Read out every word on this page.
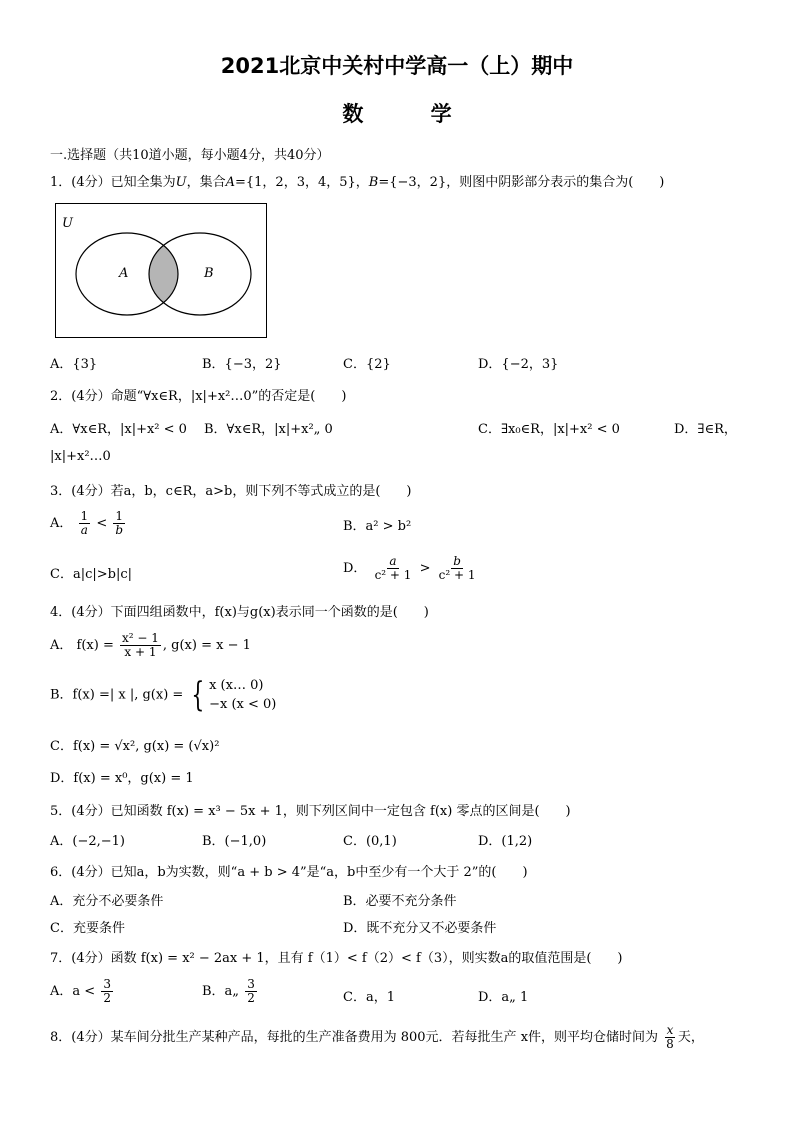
2021北京中关村中学高一（上）期中
数 学
一.选择题（共10道小题，每小题4分，共40分）
1．(4分）已知全集为U，集合A={1，2，3，4，5}，B={−3，2}，则图中阴影部分表示的集合为(　　)
U
A	B
A．{3}	B．{−3，2}	C．{2}	D．{−2，3}
2．(4分）命题“∀x∈R，|x|+x²…0”的否定是(　　)
A．∀x∈R，|x|+x² < 0 B．∀x∈R，|x|+x²„ 0	C．∃x₀∈R，|x|+x² < 0	D．∃∈R，
|x|+x²…0
3．(4分）若a，b，c∈R，a>b，则下列不等式成立的是(　　)
A． $\frac{1}{a} < \frac{1}{b}$	B．a² > b²
C．a|c|>b|c|	D． $\frac{a}{\text{c² + 1}} > \frac{b}{\text{c² + 1}}$
4．(4分）下面四组函数中，f(x)与g(x)表示同一个函数的是(　　)
A． $f(x) = \frac{\text{x² − 1}}{x + 1}$ , g(x) = x − 1
B．f(x) =| x |, g(x) = { x (x… 0)
−x (x < 0)
C．f(x) = √x², g(x) = (√x)²
D．f(x) = x⁰，g(x) = 1
5．(4分）已知函数 f(x) = x³ − 5x + 1，则下列区间中一定包含 f(x) 零点的区间是(　　)
A．(−2,−1)	B．(−1,0)	C．(0,1)	D．(1,2)
6．(4分）已知a，b为实数，则“a + b > 4”是“a，b中至少有一个大于 2”的(　　)
A．充分不必要条件	B．必要不充分条件
C．充要条件	D．既不充分又不必要条件
7．(4分）函数 f(x) = x² − 2ax + 1，且有 f（1）< f（2）< f（3），则实数a的取值范围是(　　)
A．$a < \frac{3}{2}$	B．a„ $\frac{3}{2}$	C．a，1	D．a„ 1
8．(4分）某车间分批生产某种产品，每批的生产准备费用为 800元．若每批生产 x件，则平均仓储时间为 $\frac{x}{8}$ 天，
